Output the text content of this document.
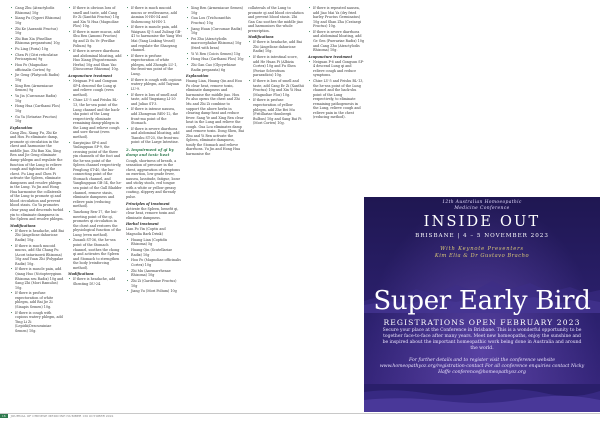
• Cang Zhu (Atractylodis Rhizoma) 10g
• Xiang Fu (Cyperi Rhizoma) 10g
• Zhi Ke (Aurantii Fructus) 10g
• Zhi Ban Xia (Pinelliae Rhizoma preparatum) 10g
• Fu Ling (Poria) 10g
• Chen Pi (Citri reticulatae Pericarpium) 9g
• Hou Po (Magnoliae officinalis Cortex) 9g
• Jie Geng (Platycodi Radix) 10g
• Xing Ren (Armeniacae Semen) 9g
• Yu Jin (Curcumae Radix) 10g
• Hong Hua (Carthami Flos) 10g
• Gu Ya (Setariae Fructus) 10g
Explanation
Cang Zhu, Xiang Fu, Zhi Ke and Hou Po eliminate damp, promote qi circulation in the chest and harmonise the middle Jiao. Zhi Ban Xia, Xing Ren and Jie Geng eliminate damp-phlegm and regulate the function of the Lung to relieve cough and tightness of the chest. Fu Ling and Chen Pi activate the Spleen, eliminate dampness and resolve phlegm in the Lung. Yu Jin and Hong Hua harmonise the collaterals of the Lung to promote qi and blood circulation and prevent blood stasis. Gu Ya promotes clear yang and descends turbid yin to eliminate dampness in the Spleen and resolve phlegm.
Modifications
• If there is headache, add Bai Zhi (Angelicae dahuricae Radix) 10g.
• If there is much mucoid mucus, add Shi Chang Pu (Acori tatarinowii Rhizoma) 10g and Yuan Zhi (Polygalae Radix) 10g.
• If there is muscle pain, add Qiang Huo (Notopterygium Rhizoma seu Radix) 10g and Sang Zhi (Mori Ramulus) 10g.
• If there is profuse expectoration of white phlegm, add Bai Jie Zi (Sinapis Semen) 10g.
• If there is cough with copious watery phlegm, add Ting Li Zi (Lepidii/Descurainiae Semen) 10g.
• If there is obvious loss of smell and taste, add Cang Er Zi (Xanthii Fructus) 10g and Xin Yi Hua (Magnoliae Flos) 10g.
• If there is more mucus, add Shu Ren (Amomi Fructus) 6g and Zi Su Ye (Perillae Folium) 9g.
• If there is severe diarrhoea and abdominal bloating, add Huo Xiang (Pogostemonis Herba) 10g and Shan Yao (Dioscoreae Rhizoma) 10g.
Acupuncture treatment
• Neiguan P-6 and Gongsun SP-4 descend the Lung qi and relieve cough (even method).
• Chize LU-5 and Feishu BL-13, the he-sea point of the Lung channel and the back-shu point of the Lung respectively, eliminate remaining damp-phlegm in the Lung and relieve cough and sore throat (even method).
• Sanyinjiao SP-6 and Yinlingquan SP-9, the crossing point of the three yin channels of the foot and the he-sea point of the Spleen channel respectively, Fenglong ST-40, the luo-connecting point of the Stomach channel, and Yanglingquan GB-34, the he-sea point of the Gall Bladder channel, remove stasis, eliminate dampness and relieve pain (reducing method).
• Tanzhong Ren-17, the hui-meeting point of the qi, promotes qi circulation in the chest and restores the physiological function of the Lung (even method).
• Zusanli ST-36, the he-sea point of the Stomach channel, soothes the chong qi and activates the Spleen and Stomach to strengthen the body (reinforcing method).
Modifications
• If there is headache, add Shenting DU-24.
• If there is much mucoid mucus or restlessness, add Anmian N-HN-54 and Sishencong M-HN-1.
• If there is muscle pain, add Waiguan SJ-5 and Zulinqi GB-41 to harmonise the Yang Wei Mai (Yang Linking Vessel) and regulate the Shaoyang channel.
• If there is profuse expectoration of white phlegm, add Zhongfu LU-1, the front-mu point of the Lung.
• If there is cough with copious watery phlegm, add Taiyuan LU-9.
• If there is loss of smell and taste, add Yingxiang LI-20 and Juliao ST-3.
• If there is intense nausea, add Zhongwan REN-12, the front-mu point of the Stomach.
• If there is severe diarrhoea and abdominal bloating, add Tianshu ST-25, the front-mu point of the Large Intestine.
2. Impairment of qi by damp and toxic heat
Cough, shortness of breath, a sensation of pressure in the chest, aggravation of symptoms on exertion, low grade fever, nausea, lassitude, fatigue, loose and sticky stools, red tongue with a white or yellow greasy coating, slippery and thready pulse.
Principles of treatment
Activate the Spleen, benefit qi, clear heat, remove toxin and eliminate dampness.
Herbal treatment
Lian Po Yin (Coptis and Magnolia Bark Drink)
• Huang Lian (Coptidis Rhizoma) 5g
• Huang Qin (Scutellariae Radix) 10g
• Hou Po (Magnoliae officinalis Cortex) 10g
• Zhi Mu (Anemarrhenae Rhizoma) 10g
• Zhi Zi (Gardeniae Fructus) 10g
• Jiang Yu (Mori Folium) 10g
• Xing Ren (Armeniacae Semen) 10g
• Gua Lou (Trichosanthis Fructus) 10g
• Jiang Huan (Curcumae Radix) 10g
• Pei Zhu (Atractylodis macrocephalae Rhizoma) 10g (fried with bran)
• Yi Yi Ren (Coicis Semen) 15g
• Hong Hua (Carthami Flos) 10g
• Zhi Gan Cao (Glycyrrhizae Radix preparata) 6g
Explanation
Huang Lian, Huang Qin and Hou Po clear heat, remove toxin, eliminate dampness and harmonise the middle jiao. Hou Po also opens the chest and Zhi Mu and Zhi Zi combine to support the above herbs in clearing damp-heat and reduce fever. Sang Ye and Xing Ren clear heat in the Lung and relieve the cough. Gua Lou eliminates damp and remove toxin. Dong Shen, Bai Zhu and Yi Ren activate the Spleen, eliminate dampness, tonify the Stomach and relieve diarrhoea. Yu Jin and Hong Hua harmonise the
collaterals of the Lung to promote qi and blood circulation and prevent blood stasis. Zhi Gan Cao soothes the middle jiao and harmonises the whole prescription.
Modifications
• If there is headache, add Bai Zhi (Angelicae dahuricae Radix) 10g.
• If there is intestinal score, add He Huan Pi (Albizia Cortex) 10g and Fu Shen (Poriae Sclerotium pararadicis) 10g.
• If there is loss of smell and taste, add Cang Er Zi (Xanthii Fructus) 10g and Xin Yi Hua (Magnoliae Flos) 10g.
• If there is profuse expectoration of yellow phlegm, add Zhe Bei Mu (Fritillariae thunbergii Bulbus) 10g and Sang Bai Pi (Mori Cortex) 10g.
• If there is repeated nausea, add Jiao Mai Ya (dry fried barley Fructus Germinatus) 10g and Shan Zha (Crataegi Fructus) 10g.
• If there is severe diarrhoea and abdominal bloating, add Ge Gen (Puerariae Radix) 10g and Cang Zhu (Atractylodis Rhizoma) 10g.
Acupuncture treatment
• Neiguan P-6 and Gongsun SP-4 descend Lung qi and relieve cough and reduce symptoms.
• Chize LU-5 and Feishu BL-13, the he-sea point of the Lung channel and the back-shu point of the Lung respectively, to eliminate remaining pathogenesis in the Lung, relieve cough and relieve pain in the chest (reducing method).
12th Australian Homoeopathic
Medicine Conference
INSIDE OUT
BRISBANE | 4 – 5 NOVEMBER 2023
With Keynote Presenters
Kim Elia & Dr Gustavo Bracho
Super Early Bird
REGISTRATIONS OPEN FEBRUARY 2023
Secure your place at the Conference in Brisbane. This is a wonderful opportunity to be together face-to-face after many years. Meet new homeopaths, enjoy the sunshine and be inspired about the important homeopathic work being done in Australia and around the world.
For further details and to register visit the conference website www.homeopathyoz.org/registration-contact For all conference enquiries contact Nicky Haffe conference@homeopathyoz.org
16 JOURNAL OF CHINESE MEDICINE NUMBER 130 OCTOBER 2022
